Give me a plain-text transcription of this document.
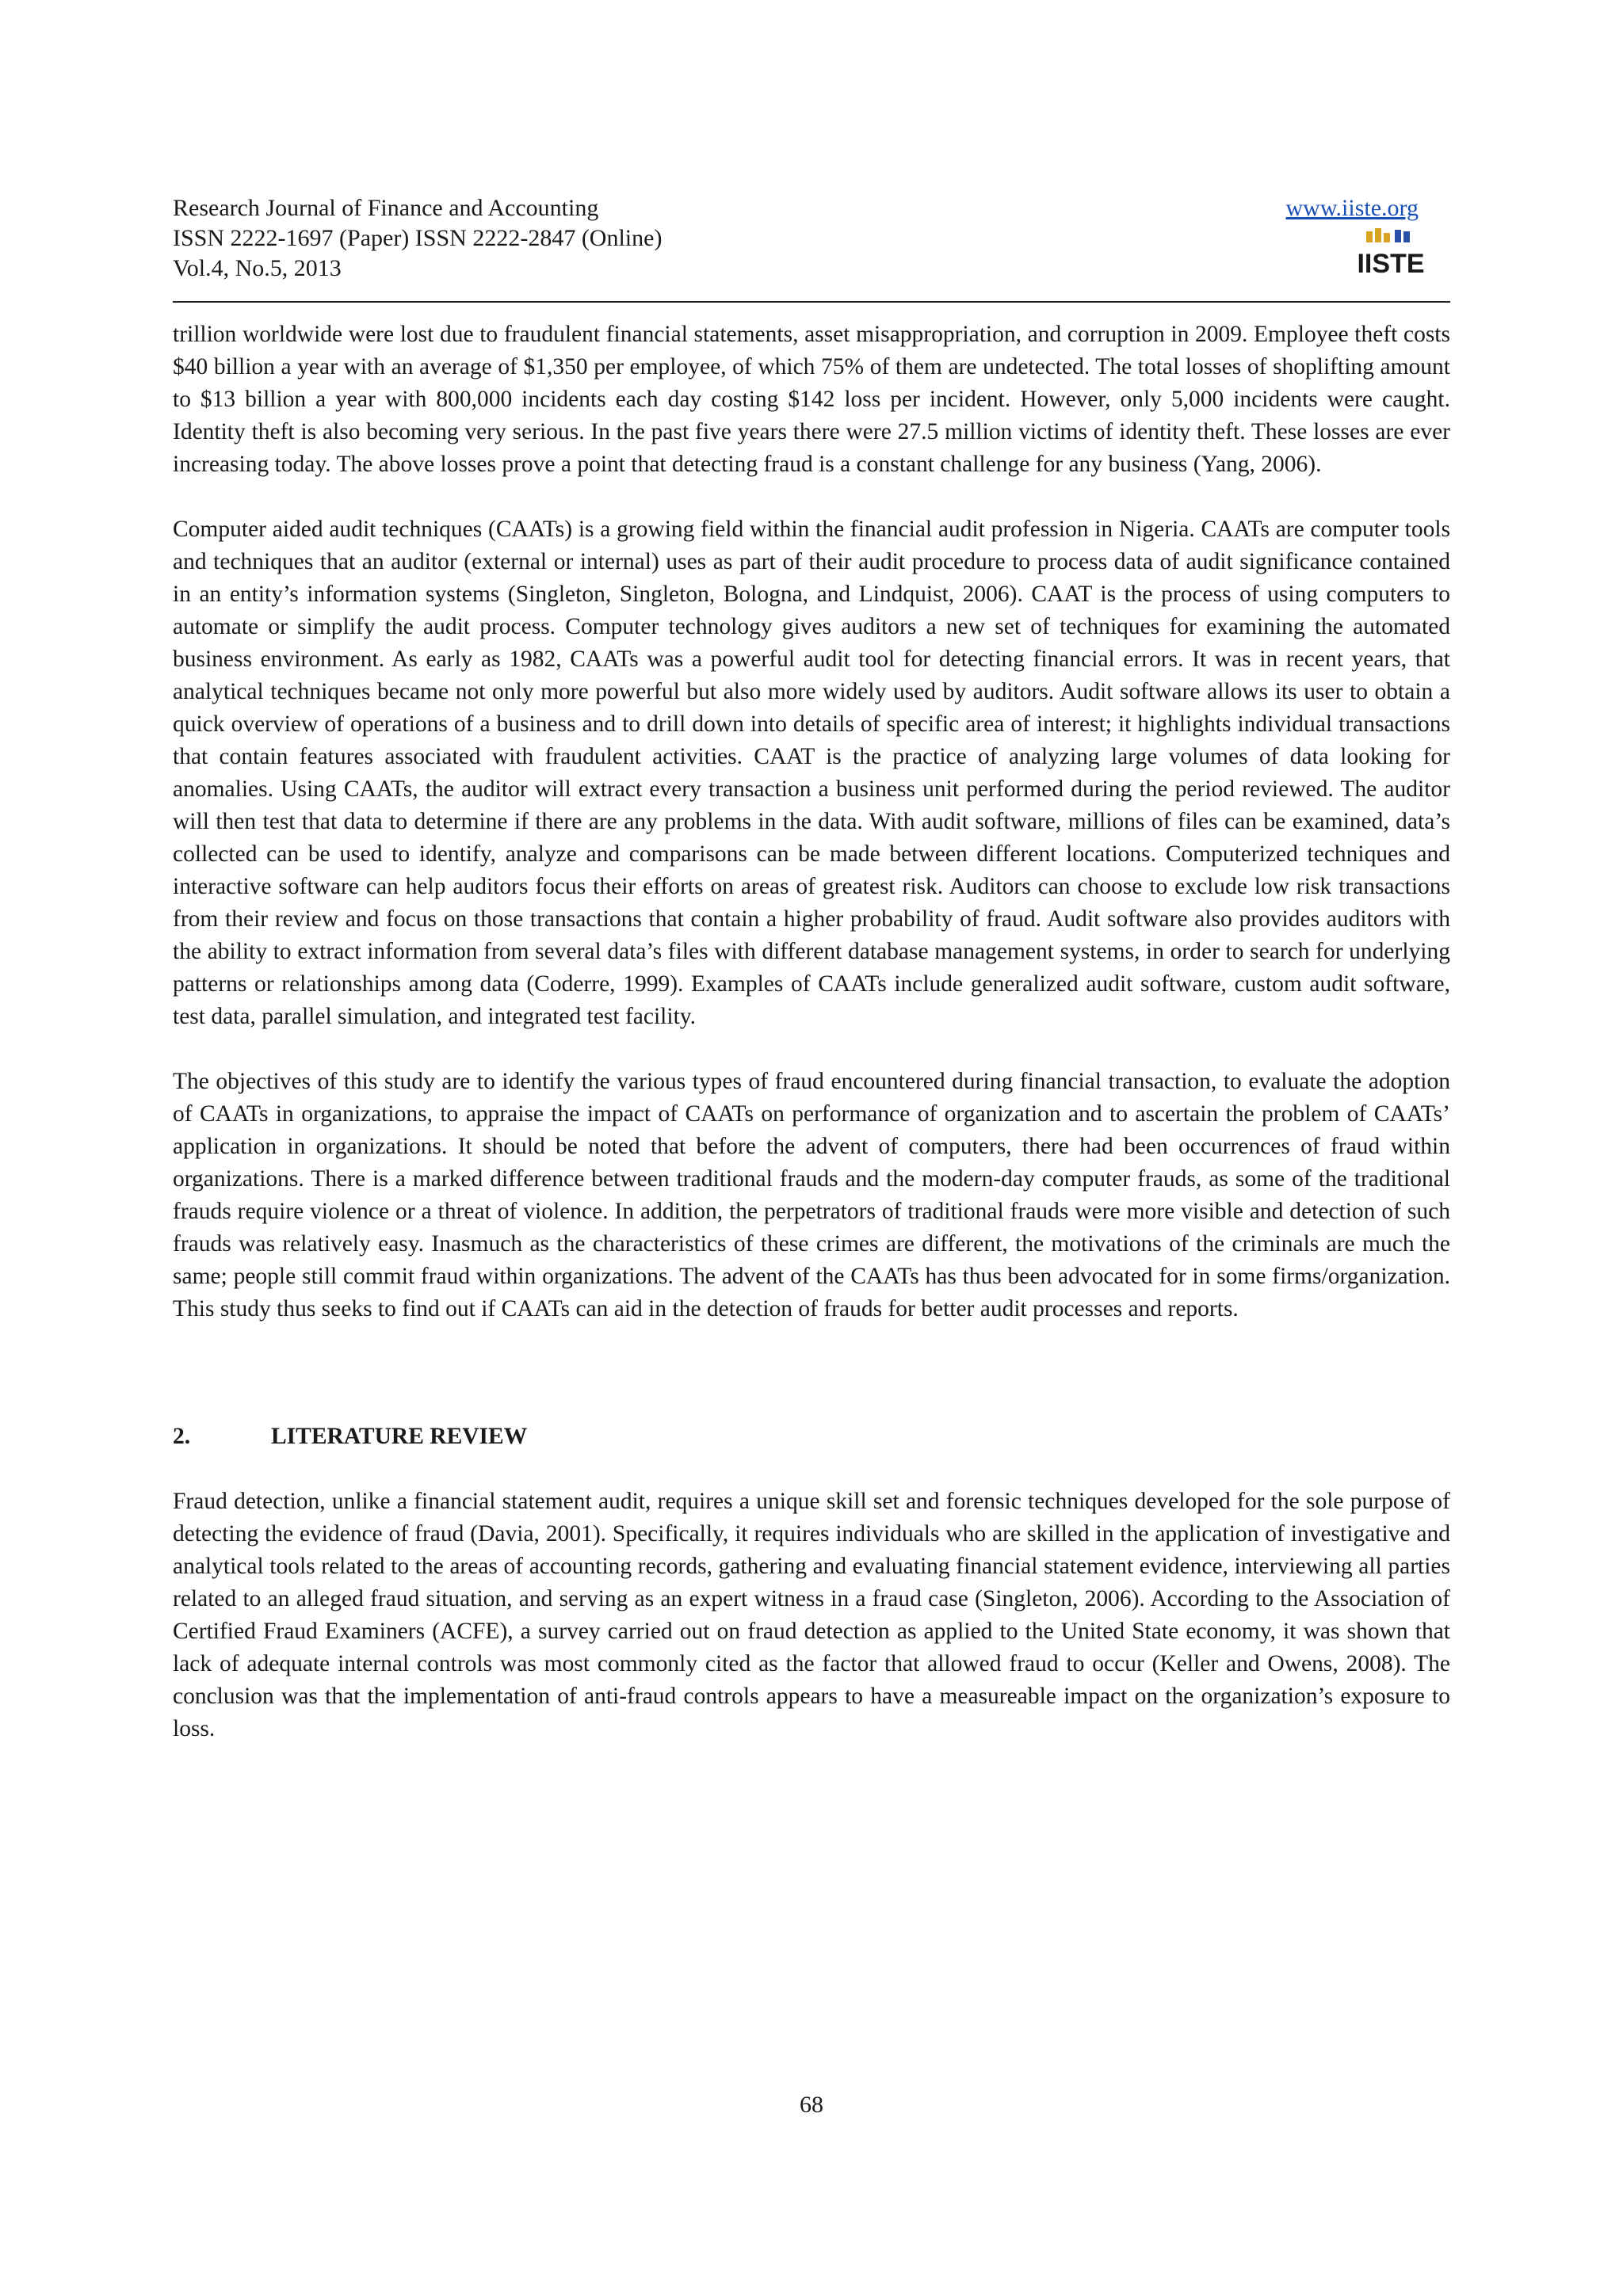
Research Journal of Finance and Accounting
ISSN 2222-1697 (Paper) ISSN 2222-2847 (Online)
Vol.4, No.5, 2013
www.iiste.org
IISTE

trillion worldwide were lost due to fraudulent financial statements, asset misappropriation, and corruption in 2009. Employee theft costs $40 billion a year with an average of $1,350 per employee, of which 75% of them are undetected. The total losses of shoplifting amount to $13 billion a year with 800,000 incidents each day costing $142 loss per incident. However, only 5,000 incidents were caught. Identity theft is also becoming very serious. In the past five years there were 27.5 million victims of identity theft. These losses are ever increasing today. The above losses prove a point that detecting fraud is a constant challenge for any business (Yang, 2006).

Computer aided audit techniques (CAATs) is a growing field within the financial audit profession in Nigeria. CAATs are computer tools and techniques that an auditor (external or internal) uses as part of their audit procedure to process data of audit significance contained in an entity’s information systems (Singleton, Singleton, Bologna, and Lindquist, 2006). CAAT is the process of using computers to automate or simplify the audit process. Computer technology gives auditors a new set of techniques for examining the automated business environment. As early as 1982, CAATs was a powerful audit tool for detecting financial errors. It was in recent years, that analytical techniques became not only more powerful but also more widely used by auditors. Audit software allows its user to obtain a quick overview of operations of a business and to drill down into details of specific area of interest; it highlights individual transactions that contain features associated with fraudulent activities. CAAT is the practice of analyzing large volumes of data looking for anomalies. Using CAATs, the auditor will extract every transaction a business unit performed during the period reviewed. The auditor will then test that data to determine if there are any problems in the data. With audit software, millions of files can be examined, data’s collected can be used to identify, analyze and comparisons can be made between different locations. Computerized techniques and interactive software can help auditors focus their efforts on areas of greatest risk. Auditors can choose to exclude low risk transactions from their review and focus on those transactions that contain a higher probability of fraud. Audit software also provides auditors with the ability to extract information from several data’s files with different database management systems, in order to search for underlying patterns or relationships among data (Coderre, 1999). Examples of CAATs include generalized audit software, custom audit software, test data, parallel simulation, and integrated test facility.

The objectives of this study are to identify the various types of fraud encountered during financial transaction, to evaluate the adoption of CAATs in organizations, to appraise the impact of CAATs on performance of organization and to ascertain the problem of CAATs’ application in organizations. It should be noted that before the advent of computers, there had been occurrences of fraud within organizations. There is a marked difference between traditional frauds and the modern-day computer frauds, as some of the traditional frauds require violence or a threat of violence. In addition, the perpetrators of traditional frauds were more visible and detection of such frauds was relatively easy. Inasmuch as the characteristics of these crimes are different, the motivations of the criminals are much the same; people still commit fraud within organizations. The advent of the CAATs has thus been advocated for in some firms/organization. This study thus seeks to find out if CAATs can aid in the detection of frauds for better audit processes and reports.

2.	LITERATURE REVIEW

Fraud detection, unlike a financial statement audit, requires a unique skill set and forensic techniques developed for the sole purpose of detecting the evidence of fraud (Davia, 2001). Specifically, it requires individuals who are skilled in the application of investigative and analytical tools related to the areas of accounting records, gathering and evaluating financial statement evidence, interviewing all parties related to an alleged fraud situation, and serving as an expert witness in a fraud case (Singleton, 2006). According to the Association of Certified Fraud Examiners (ACFE), a survey carried out on fraud detection as applied to the United State economy, it was shown that lack of adequate internal controls was most commonly cited as the factor that allowed fraud to occur (Keller and Owens, 2008). The conclusion was that the implementation of anti-fraud controls appears to have a measureable impact on the organization’s exposure to loss.

68
